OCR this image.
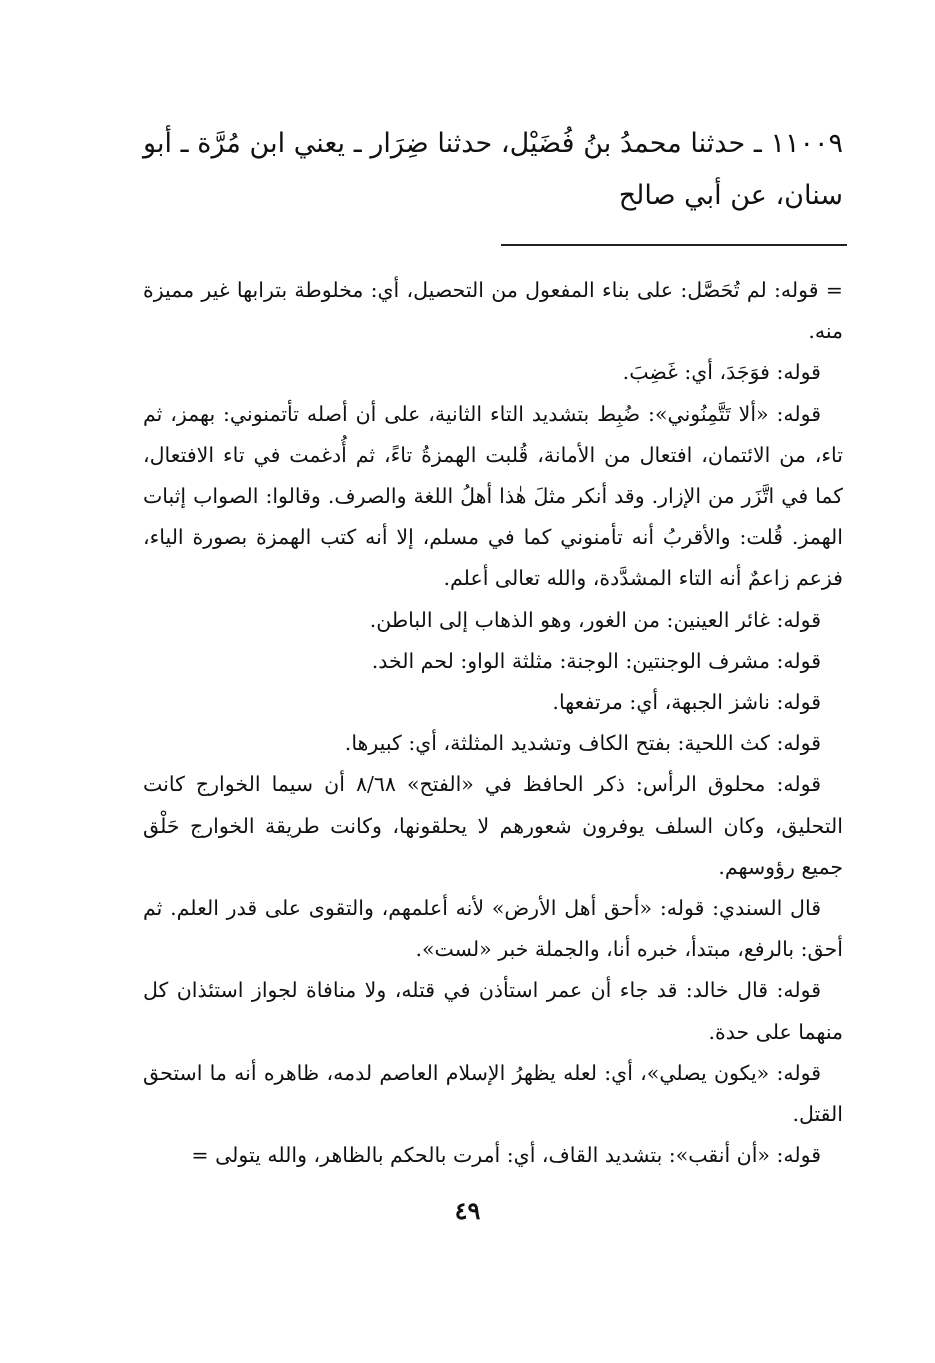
١١٠٠٩ ـ حدثنا محمدُ بنُ فُضَيْل، حدثنا ضِرَار ـ يعني ابن مُرَّة ـ أبو سنان، عن أبي صالح

= قوله: لم تُحَصَّل: على بناء المفعول من التحصيل، أي: مخلوطة بترابها غير مميزة منه.

قوله: فوَجَدَ، أي: غَضِبَ.

قوله: «ألا تَتَّمِنُوني»: ضُبِط بتشديد التاء الثانية، على أن أصله تأتمنوني: بهمز، ثم تاء، من الائتمان، افتعال من الأمانة، قُلبت الهمزةُ تاءً، ثم أُدغمت في تاء الافتعال، كما في اتَّزَر من الإزار. وقد أنكر مثلَ هٰذا أهلُ اللغة والصرف. وقالوا: الصواب إثبات الهمز. قُلت: والأقربُ أنه تأمنوني كما في مسلم، إلا أنه كتب الهمزة بصورة الياء، فزعم زاعمٌ أنه التاء المشدَّدة، والله تعالى أعلم.

قوله: غائر العينين: من الغور، وهو الذهاب إلى الباطن.

قوله: مشرف الوجنتين: الوجنة: مثلثة الواو: لحم الخد.

قوله: ناشز الجبهة، أي: مرتفعها.

قوله: كث اللحية: بفتح الكاف وتشديد المثلثة، أي: كبيرها.

قوله: محلوق الرأس: ذكر الحافظ في «الفتح» ٨/٦٨ أن سيما الخوارج كانت التحليق، وكان السلف يوفرون شعورهم لا يحلقونها، وكانت طريقة الخوارج حَلْق جميع رؤوسهم.

قال السندي: قوله: «أحق أهل الأرض» لأنه أعلمهم، والتقوى على قدر العلم. ثم أحق: بالرفع، مبتدأ، خبره أنا، والجملة خبر «لست».

قوله: قال خالد: قد جاء أن عمر استأذن في قتله، ولا منافاة لجواز استئذان كل منهما على حدة.

قوله: «يكون يصلي»، أي: لعله يظهرُ الإسلام العاصم لدمه، ظاهره أنه ما استحق القتل.

قوله: «أن أنقب»: بتشديد القاف، أي: أمرت بالحكم بالظاهر، والله يتولى =

٤٩
